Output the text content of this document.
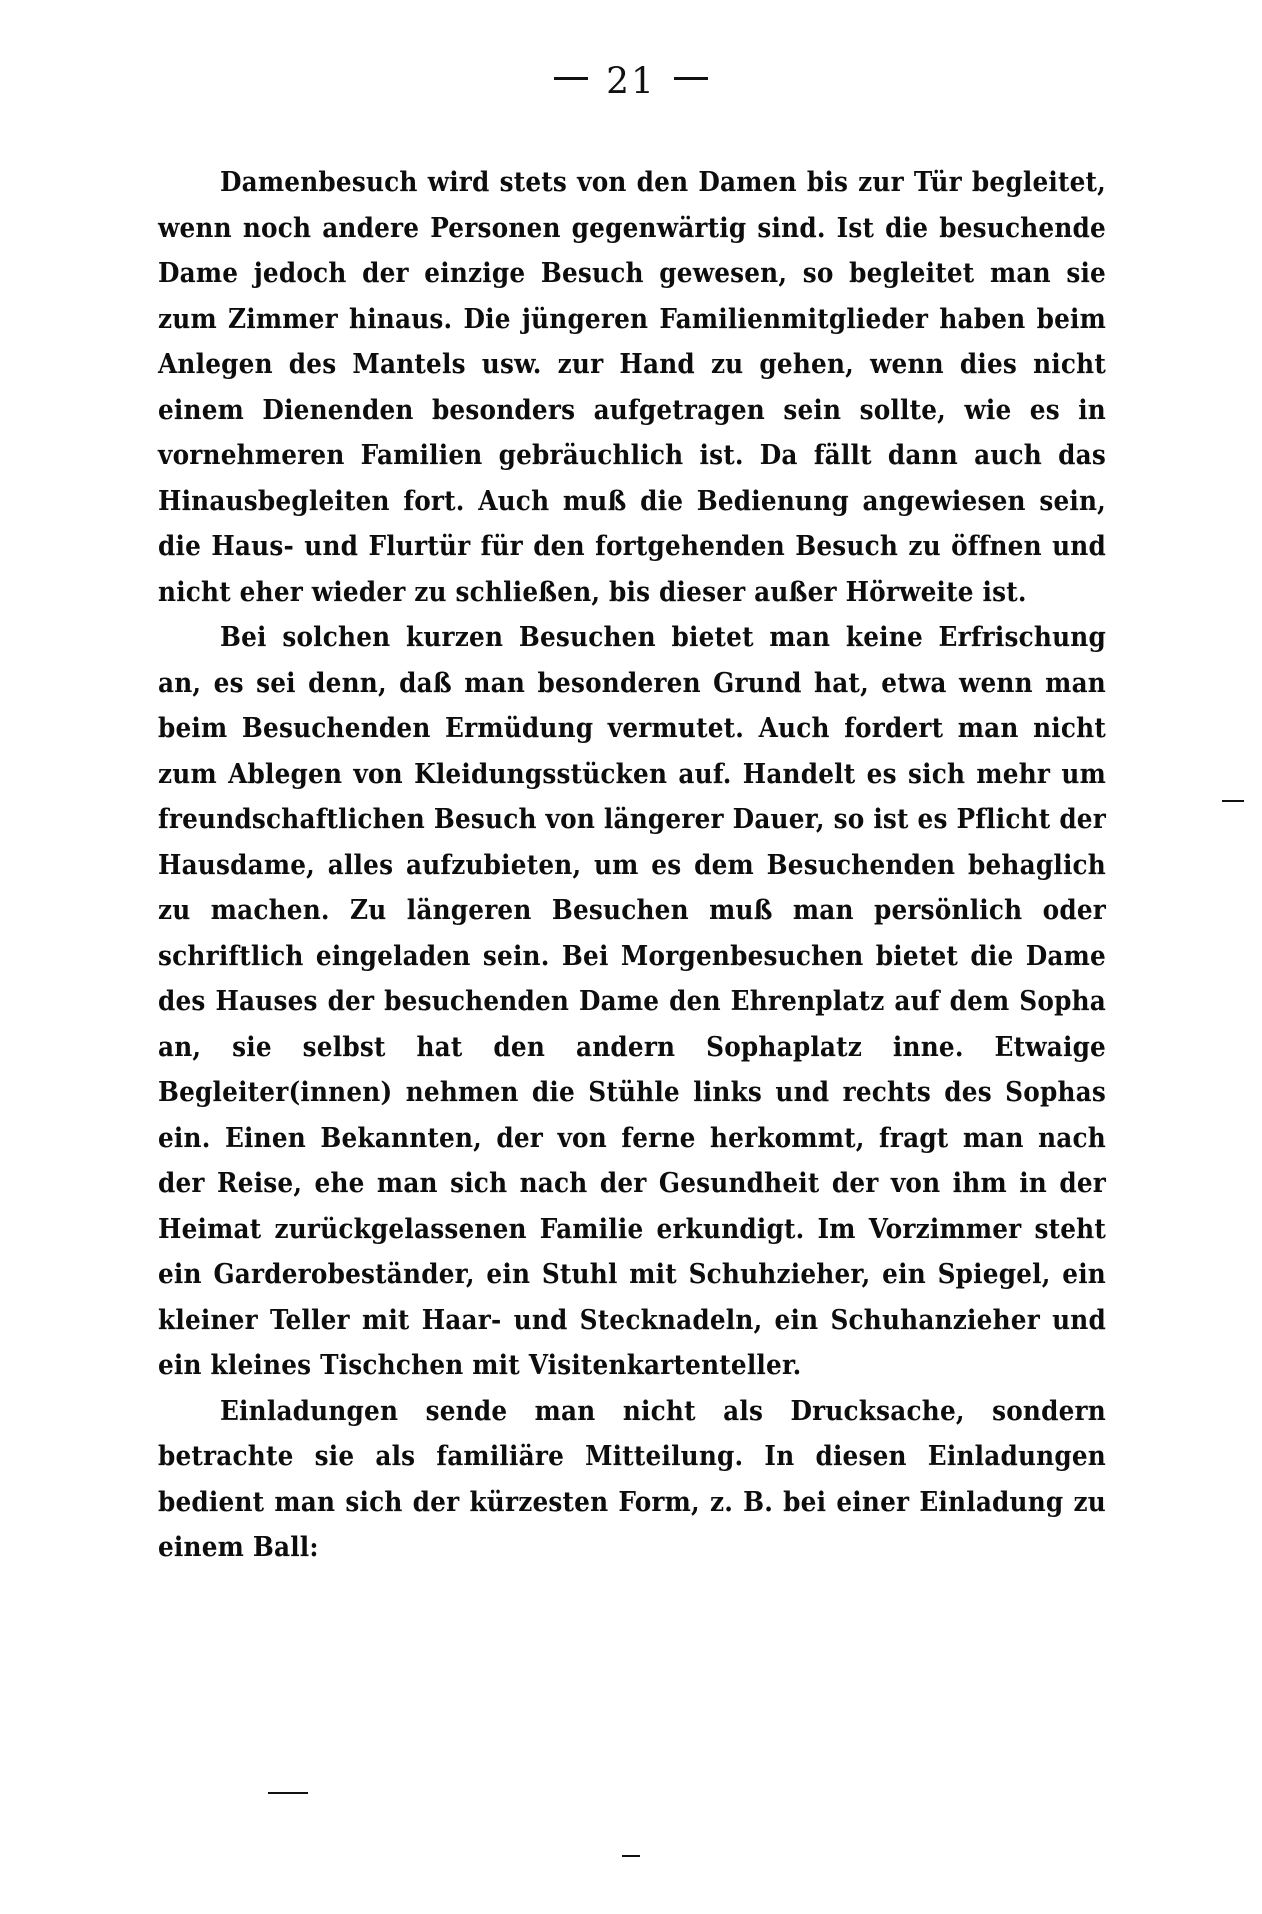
21

Damenbesuch wird stets von den Damen bis zur Tür begleitet, wenn noch andere Personen gegenwärtig sind. Ist die besuchende Dame jedoch der einzige Besuch gewesen, so begleitet man sie zum Zimmer hinaus. Die jüngeren Familienmitglieder haben beim Anlegen des Mantels usw. zur Hand zu gehen, wenn dies nicht einem Dienenden besonders aufgetragen sein sollte, wie es in vornehmeren Familien gebräuchlich ist. Da fällt dann auch das Hinausbegleiten fort. Auch muß die Bedienung angewiesen sein, die Haus- und Flurtür für den fortgehenden Besuch zu öffnen und nicht eher wieder zu schließen, bis dieser außer Hörweite ist.

Bei solchen kurzen Besuchen bietet man keine Erfrischung an, es sei denn, daß man besonderen Grund hat, etwa wenn man beim Besuchenden Ermüdung vermutet. Auch fordert man nicht zum Ablegen von Kleidungsstücken auf. Handelt es sich mehr um freundschaftlichen Besuch von längerer Dauer, so ist es Pflicht der Hausdame, alles aufzubieten, um es dem Besuchenden behaglich zu machen. Zu längeren Besuchen muß man persönlich oder schriftlich eingeladen sein. Bei Morgenbesuchen bietet die Dame des Hauses der besuchenden Dame den Ehrenplatz auf dem Sopha an, sie selbst hat den andern Sophaplatz inne. Etwaige Begleiter(innen) nehmen die Stühle links und rechts des Sophas ein. Einen Bekannten, der von ferne herkommt, fragt man nach der Reise, ehe man sich nach der Gesundheit der von ihm in der Heimat zurückgelassenen Familie erkundigt. Im Vorzimmer steht ein Garderobeständer, ein Stuhl mit Schuhzieher, ein Spiegel, ein kleiner Teller mit Haar- und Stecknadeln, ein Schuhanzieher und ein kleines Tischchen mit Visitenkartenteller.

Einladungen sende man nicht als Drucksache, sondern betrachte sie als familiäre Mitteilung. In diesen Einladungen bedient man sich der kürzesten Form, z. B. bei einer Einladung zu einem Ball:
